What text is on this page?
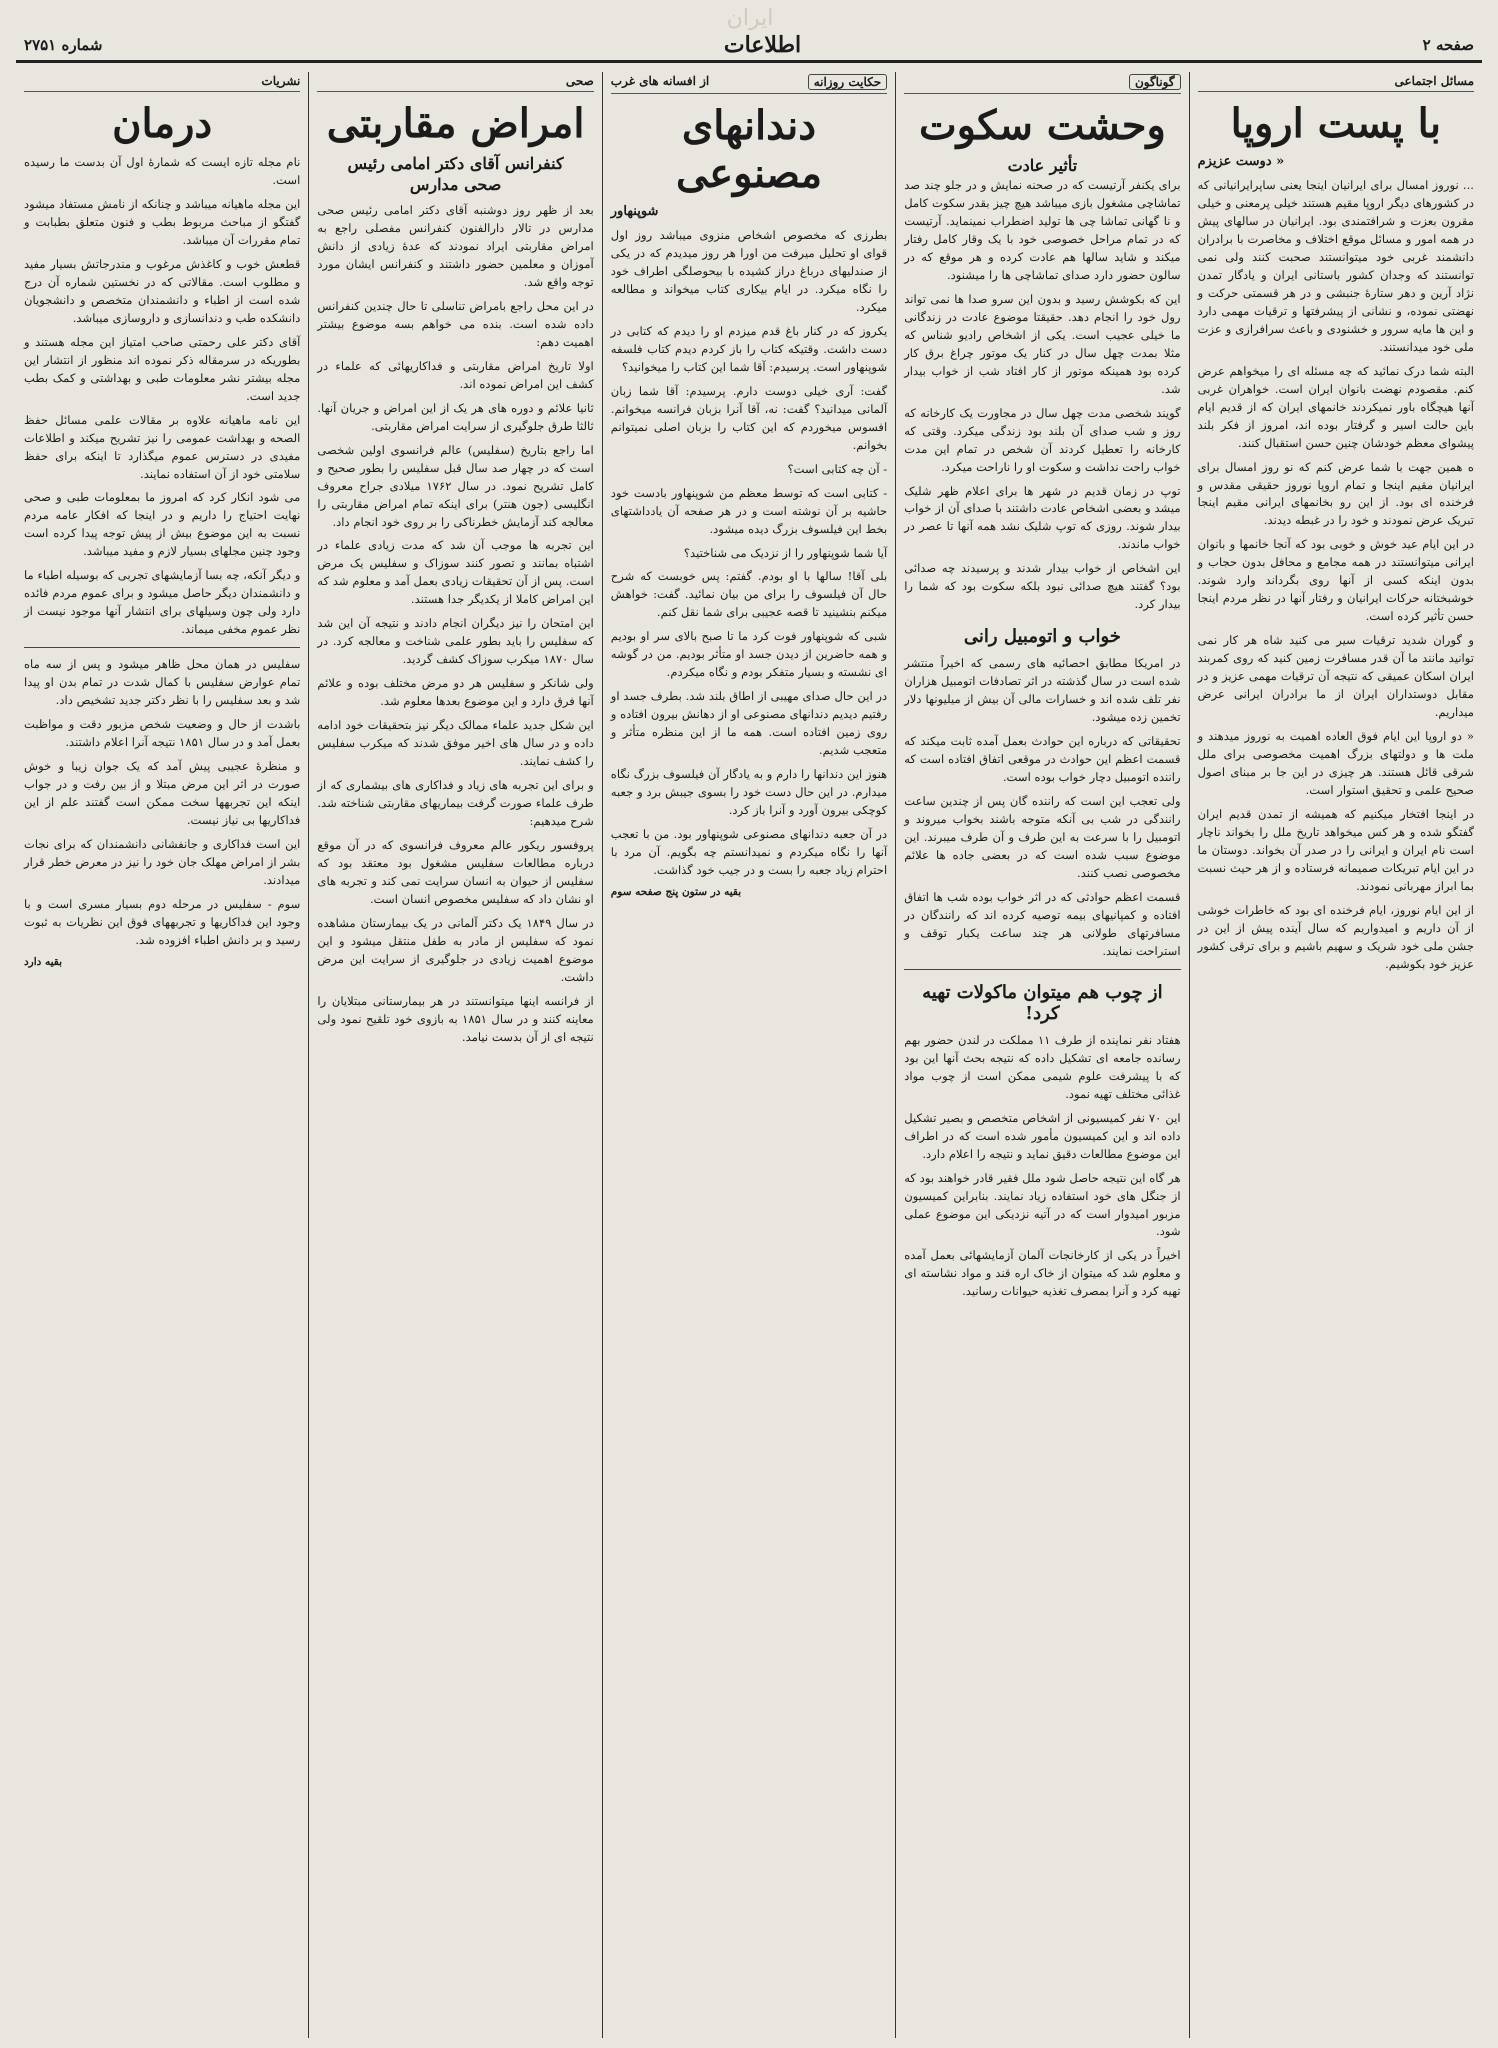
ایران
صفحه ۲
اطلاعات
شماره ۲۷۵۱
مسائل اجتماعی
با پست اروپا
« دوست عزیزم

... نوروز امسال برای ایرانیان اینجا یعنی ساپرایرانیانی که در کشورهای دیگر اروپا مقیم هستند خیلی پرمعنی و خیلی مقرون بعزت و شرافتمندی بود. ایرانیان در سالهای پیش در همه امور و مسائل موقع اختلاف و مخاصرت با برادران دانشمند غربی خود میتوانستند صحبت کنند ولی نمی توانستند که وجدان کشور باستانی ایران و یادگار تمدن نژاد آرین و دهر ستارهٔ جنبشی و در هر قسمتی حرکت و نهضتی نموده، و نشانی از پیشرفتها و ترقیات مهمی دارد و این ها مایه سرور و خشنودی و باعث سرافرازی و عزت ملی خود میدانستند.

البته شما درک نمائید که چه مسئله ای را میخواهم عرض کنم. مقصودم نهضت بانوان ایران است. خواهران غربی آنها هیچگاه باور نمیکردند خانمهای ایران که از قدیم ایام باین حالت اسیر و گرفتار بوده اند، امروز از فکر بلند پیشوای معظم خودشان چنین حسن استقبال کنند.

ه همین جهت با شما عرض کنم که نو روز امسال برای ایرانیان مقیم اینجا و تمام اروپا نوروز حقیقی مقدس و فرخنده ای بود. از این رو بخانمهای ایرانی مقیم اینجا تبریک عرض نمودند و خود را در غبطه دیدند.

در این ایام عید خوش و خوبی بود که آنجا خانمها و بانوان ایرانی میتوانستند در همه مجامع و محافل بدون حجاب و بدون اینکه کسی از آنها روی بگرداند وارد شوند. خوشبختانه حرکات ایرانیان و رفتار آنها در نظر مردم اینجا حسن تأثیر کرده است.

و گوران شدید ترقیات سیر می کنید شاه هر کار نمی توانید مانند ما آن قدر مسافرت زمین کنید که روی کمربند ایران اسکان عمیقی که نتیجه آن ترقیات مهمی عزیز و در مقابل دوستداران ایران از ما برادران ایرانی عرض میداریم.

« دو اروپا این ایام فوق العاده اهمیت به نوروز میدهند و ملت ها و دولتهای بزرگ اهمیت مخصوصی برای ملل شرقی قائل هستند. هر چیزی در این جا بر مبنای اصول صحیح علمی و تحقیق استوار است.

در اینجا افتخار میکنیم که همیشه از تمدن قدیم ایران گفتگو شده و هر کس میخواهد تاریخ ملل را بخواند ناچار است نام ایران و ایرانی را در صدر آن بخواند. دوستان ما در این ایام تبریکات صمیمانه فرستاده و از هر حیث نسبت بما ابراز مهربانی نمودند.

از این ایام نوروز، ایام فرخنده ای بود که خاطرات خوشی از آن داریم و امیدواریم که سال آینده پیش از این در جشن ملی خود شریک و سهیم باشیم و برای ترقی کشور عزیز خود بکوشیم.

گوناگون
وحشت سکوت
تأثیر عادت

برای یکنفر آرتیست که در صحنه نمایش و در جلو چند صد تماشاچی مشغول بازی میباشد هیچ چیز بقدر سکوت کامل و نا گهانی تماشا چی ها تولید اضطراب نمینماید. آرتیست که در تمام مراحل خصوصی خود با یک وقار کامل رفتار میکند و شاید سالها هم عادت کرده و هر موقع که در سالون حضور دارد صدای تماشاچی ها را میشنود.

این که بکوشش رسید و بدون این سرو صدا ها نمی تواند رول خود را انجام دهد. حقیقتا موضوع عادت در زندگانی ما خیلی عجیب است. یکی از اشخاص رادیو شناس که مثلا بمدت چهل سال در کنار یک موتور چراغ برق کار کرده بود همینکه موتور از کار افتاد شب از خواب بیدار شد.

گویند شخصی مدت چهل سال در مجاورت یک کارخانه که روز و شب صدای آن بلند بود زندگی میکرد. وقتی که کارخانه را تعطیل کردند آن شخص در تمام این مدت خواب راحت نداشت و سکوت او را ناراحت میکرد.

توپ در زمان قدیم در شهر ها برای اعلام ظهر شلیک میشد و بعضی اشخاص عادت داشتند با صدای آن از خواب بیدار شوند. روزی که توپ شلیک نشد همه آنها تا عصر در خواب ماندند.

این اشخاص از خواب بیدار شدند و پرسیدند چه صدائی بود؟ گفتند هیچ صدائی نبود بلکه سکوت بود که شما را بیدار کرد.

خواب و اتومبیل رانی

در امریکا مطابق احصائیه های رسمی که اخیراً منتشر شده است در سال گذشته در اثر تصادفات اتومبیل هزاران نفر تلف شده اند و خسارات مالی آن بیش از میلیونها دلار تخمین زده میشود.

تحقیقاتی که درباره این حوادث بعمل آمده ثابت میکند که قسمت اعظم این حوادث در موقعی اتفاق افتاده است که راننده اتومبیل دچار خواب بوده است.

ولی تعجب این است که راننده گان پس از چندین ساعت رانندگی در شب بی آنکه متوجه باشند بخواب میروند و اتومبیل را با سرعت به این طرف و آن طرف میبرند. این موضوع سبب شده است که در بعضی جاده ها علائم مخصوصی نصب کنند.

قسمت اعظم حوادثی که در اثر خواب بوده شب ها اتفاق افتاده و کمپانیهای بیمه توصیه کرده اند که رانندگان در مسافرتهای طولانی هر چند ساعت یکبار توقف و استراحت نمایند.

از چوب هم میتوان ماکولات تهیه کرد!

هفتاد نفر نماینده از طرف ۱۱ مملکت در لندن حضور بهم رسانده جامعه ای تشکیل داده که نتیجه بحث آنها این بود که با پیشرفت علوم شیمی ممکن است از چوب مواد غذائی مختلف تهیه نمود.

این ۷۰ نفر کمیسیونی از اشخاص متخصص و بصیر تشکیل داده اند و این کمیسیون مأمور شده است که در اطراف این موضوع مطالعات دقیق نماید و نتیجه را اعلام دارد.

هر گاه این نتیجه حاصل شود ملل فقیر قادر خواهند بود که از جنگل های خود استفاده زیاد نمایند. بنابراین کمیسیون مزبور امیدوار است که در آتیه نزدیکی این موضوع عملی شود.

اخیراً در یکی از کارخانجات آلمان آزمایشهائی بعمل آمده و معلوم شد که میتوان از خاک اره قند و مواد نشاسته ای تهیه کرد و آنرا بمصرف تغذیه حیوانات رسانید.

حکایت روزانه
از افسانه های غرب
دندانهای مصنوعی
شوپنهاور

بطرزی که مخصوص اشخاص منزوی میباشد روز اول قوای او تحلیل میرفت من اورا هر روز میدیدم که در یکی از صندلیهای درباغ دراز کشیده با بیحوصلگی اطراف خود را نگاه میکرد. در ایام بیکاری کتاب میخواند و مطالعه میکرد.

یکروز که در کنار باغ قدم میزدم او را دیدم که کتابی در دست داشت. وقتیکه کتاب را باز کردم دیدم کتاب فلسفه شوپنهاور است. پرسیدم: آقا شما این کتاب را میخوانید؟

گفت: آری خیلی دوست دارم. پرسیدم: آقا شما زبان آلمانی میدانید؟ گفت: نه، آقا آنرا بزبان فرانسه میخوانم. افسوس میخوردم که این کتاب را بزبان اصلی نمیتوانم بخوانم.

- آن چه کتابی است؟

- کتابی است که توسط معظم من شوپنهاور بادست خود حاشیه بر آن نوشته است و در هر صفحه آن یادداشتهای بخط این فیلسوف بزرگ دیده میشود.

آیا شما شوپنهاور را از نزدیک می شناختید؟

بلی آقا! سالها با او بودم. گفتم: پس خوبست که شرح حال آن فیلسوف را برای من بیان نمائید. گفت: خواهش میکنم بنشینید تا قصه عجیبی برای شما نقل کنم.

شبی که شوپنهاور فوت کرد ما تا صبح بالای سر او بودیم و همه حاضرین از دیدن جسد او متأثر بودیم. من در گوشه ای نشسته و بسیار متفکر بودم و نگاه میکردم.

در این حال صدای مهیبی از اطاق بلند شد. بطرف جسد او رفتیم دیدیم دندانهای مصنوعی او از دهانش بیرون افتاده و روی زمین افتاده است. همه ما از این منظره متأثر و متعجب شدیم.

هنوز این دندانها را دارم و به یادگار آن فیلسوف بزرگ نگاه میدارم. در این حال دست خود را بسوی جیبش برد و جعبه کوچکی بیرون آورد و آنرا باز کرد.

در آن جعبه دندانهای مصنوعی شوپنهاور بود. من با تعجب آنها را نگاه میکردم و نمیدانستم چه بگویم. آن مرد با احترام زیاد جعبه را بست و در جیب خود گذاشت.

بقیه در ستون پنج صفحه سوم
صحی
امراض مقاربتی
کنفرانس آقای دکتر امامی رئیس
صحی مدارس

بعد از ظهر روز دوشنبه آقای دکتر امامی رئیس صحی مدارس در تالار دارالفنون کنفرانس مفصلی راجع به امراض مقاربتی ایراد نمودند که عدهٔ زیادی از دانش آموزان و معلمین حضور داشتند و کنفرانس ایشان مورد توجه واقع شد.

در این محل راجع بامراض تناسلی تا حال چندین کنفرانس داده شده است. بنده می خواهم بسه موضوع بیشتر اهمیت دهم:

اولا تاریخ امراض مقاربتی و فداکاریهائی که علماء در کشف این امراض نموده اند.

ثانیا علائم و دوره های هر یک از این امراض و جریان آنها. ثالثا طرق جلوگیری از سرایت امراض مقاربتی.

اما راجع بتاریخ (سفلیس) عالم فرانسوی اولین شخصی است که در چهار صد سال قبل سفلیس را بطور صحیح و کامل تشریح نمود. در سال ۱۷۶۲ میلادی جراح معروف انگلیسی (جون هنتر) برای اینکه تمام امراض مقاربتی را معالجه کند آزمایش خطرناکی را بر روی خود انجام داد.

این تجربه ها موجب آن شد که مدت زیادی علماء در اشتباه بمانند و تصور کنند سوزاک و سفلیس یک مرض است. پس از آن تحقیقات زیادی بعمل آمد و معلوم شد که این امراض کاملا از یکدیگر جدا هستند.

این امتحان را نیز دیگران انجام دادند و نتیجه آن این شد که سفلیس را باید بطور علمی شناخت و معالجه کرد. در سال ۱۸۷۰ میکرب سوزاک کشف گردید.

ولی شانکر و سفلیس هر دو مرض مختلف بوده و علائم آنها فرق دارد و این موضوع بعدها معلوم شد.

این شکل جدید علماء ممالک دیگر نیز بتحقیقات خود ادامه داده و در سال های اخیر موفق شدند که میکرب سفلیس را کشف نمایند.

و برای این تجربه های زیاد و فداکاری های بیشماری که از طرف علماء صورت گرفت بیماریهای مقاربتی شناخته شد. شرح میدهیم:

پروفسور ریکور عالم معروف فرانسوی که در آن موقع درباره مطالعات سفلیس مشغول بود معتقد بود که سفلیس از حیوان به انسان سرایت نمی کند و تجربه های او نشان داد که سفلیس مخصوص انسان است.

در سال ۱۸۴۹ یک دکتر آلمانی در یک بیمارستان مشاهده نمود که سفلیس از مادر به طفل منتقل میشود و این موضوع اهمیت زیادی در جلوگیری از سرایت این مرض داشت.

از فرانسه اینها میتوانستند در هر بیمارستانی مبتلایان را معاینه کنند و در سال ۱۸۵۱ به بازوی خود تلقیح نمود ولی نتیجه ای از آن بدست نیامد.

نشریات
درمان

نام مجله تازه ایست که شمارهٔ اول آن بدست ما رسیده است.

این مجله ماهیانه میباشد و چنانکه از نامش مستفاد میشود گفتگو از مباحث مربوط بطب و فنون متعلق بطبابت و تمام مقررات آن میباشد.

قطعش خوب و کاغذش مرغوب و مندرجاتش بسیار مفید و مطلوب است. مقالاتی که در نخستین شماره آن درج شده است از اطباء و دانشمندان متخصص و دانشجویان دانشکده طب و دندانسازی و داروسازی میباشد.

آقای دکتر علی رحمتی صاحب امتیاز این مجله هستند و بطوریکه در سرمقاله ذکر نموده اند منظور از انتشار این مجله بیشتر نشر معلومات طبی و بهداشتی و کمک بطب جدید است.

این نامه ماهیانه علاوه بر مقالات علمی مسائل حفظ الصحه و بهداشت عمومی را نیز تشریح میکند و اطلاعات مفیدی در دسترس عموم میگذارد تا اینکه برای حفظ سلامتی خود از آن استفاده نمایند.

می شود انکار کرد که امروز ما بمعلومات طبی و صحی نهایت احتیاج را داریم و در اینجا که افکار عامه مردم نسبت به این موضوع بیش از پیش توجه پیدا کرده است وجود چنین مجلهای بسیار لازم و مفید میباشد.

و دیگر آنکه، چه بسا آزمایشهای تجربی که بوسیله اطباء ما و دانشمندان دیگر حاصل میشود و برای عموم مردم فائده دارد ولی چون وسیلهای برای انتشار آنها موجود نیست از نظر عموم مخفی میماند.

سفلیس در همان محل ظاهر میشود و پس از سه ماه تمام عوارض سفلیس با کمال شدت در تمام بدن او پیدا شد و بعد سفلیس را با نظر دکتر جدید تشخیص داد.

باشدت از حال و وضعیت شخص مزبور دقت و مواظبت بعمل آمد و در سال ۱۸۵۱ نتیجه آنرا اعلام داشتند.

و منظرهٔ عجیبی پیش آمد که یک جوان زیبا و خوش صورت در اثر این مرض مبتلا و از بین رفت و در جواب اینکه این تجربهها سخت ممکن است گفتند علم از این فداکاریها بی نیاز نیست.

این است فداکاری و جانفشانی دانشمندان که برای نجات بشر از امراض مهلک جان خود را نیز در معرض خطر قرار میدادند.

سوم - سفلیس در مرحله دوم بسیار مسری است و با وجود این فداکاریها و تجربههای فوق این نظریات به ثبوت رسید و بر دانش اطباء افزوده شد.

بقیه دارد
